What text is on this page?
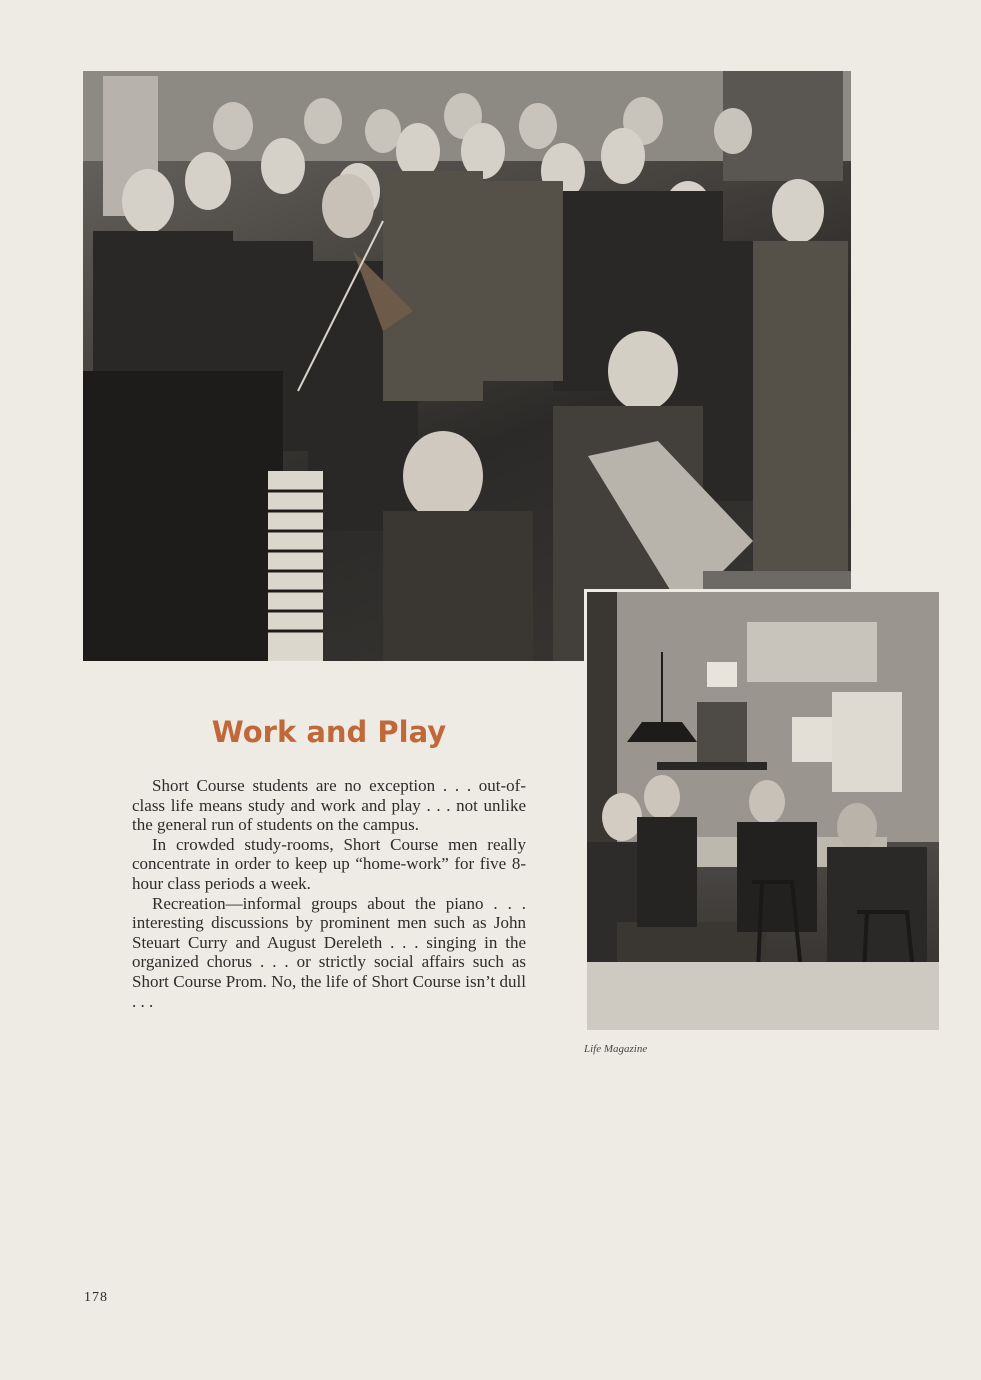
Work and Play

Short Course students are no exception . . . out-of-class life means study and work and play . . . not unlike the general run of students on the campus.

In crowded study-rooms, Short Course men really concentrate in order to keep up “home-work” for five 8-hour class periods a week.

Recreation—informal groups about the piano . . . interesting discussions by prominent men such as John Steuart Curry and August Dereleth . . . singing in the organized chorus . . . or strictly social affairs such as Short Course Prom. No, the life of Short Course isn’t dull . . .

Life Magazine
178
